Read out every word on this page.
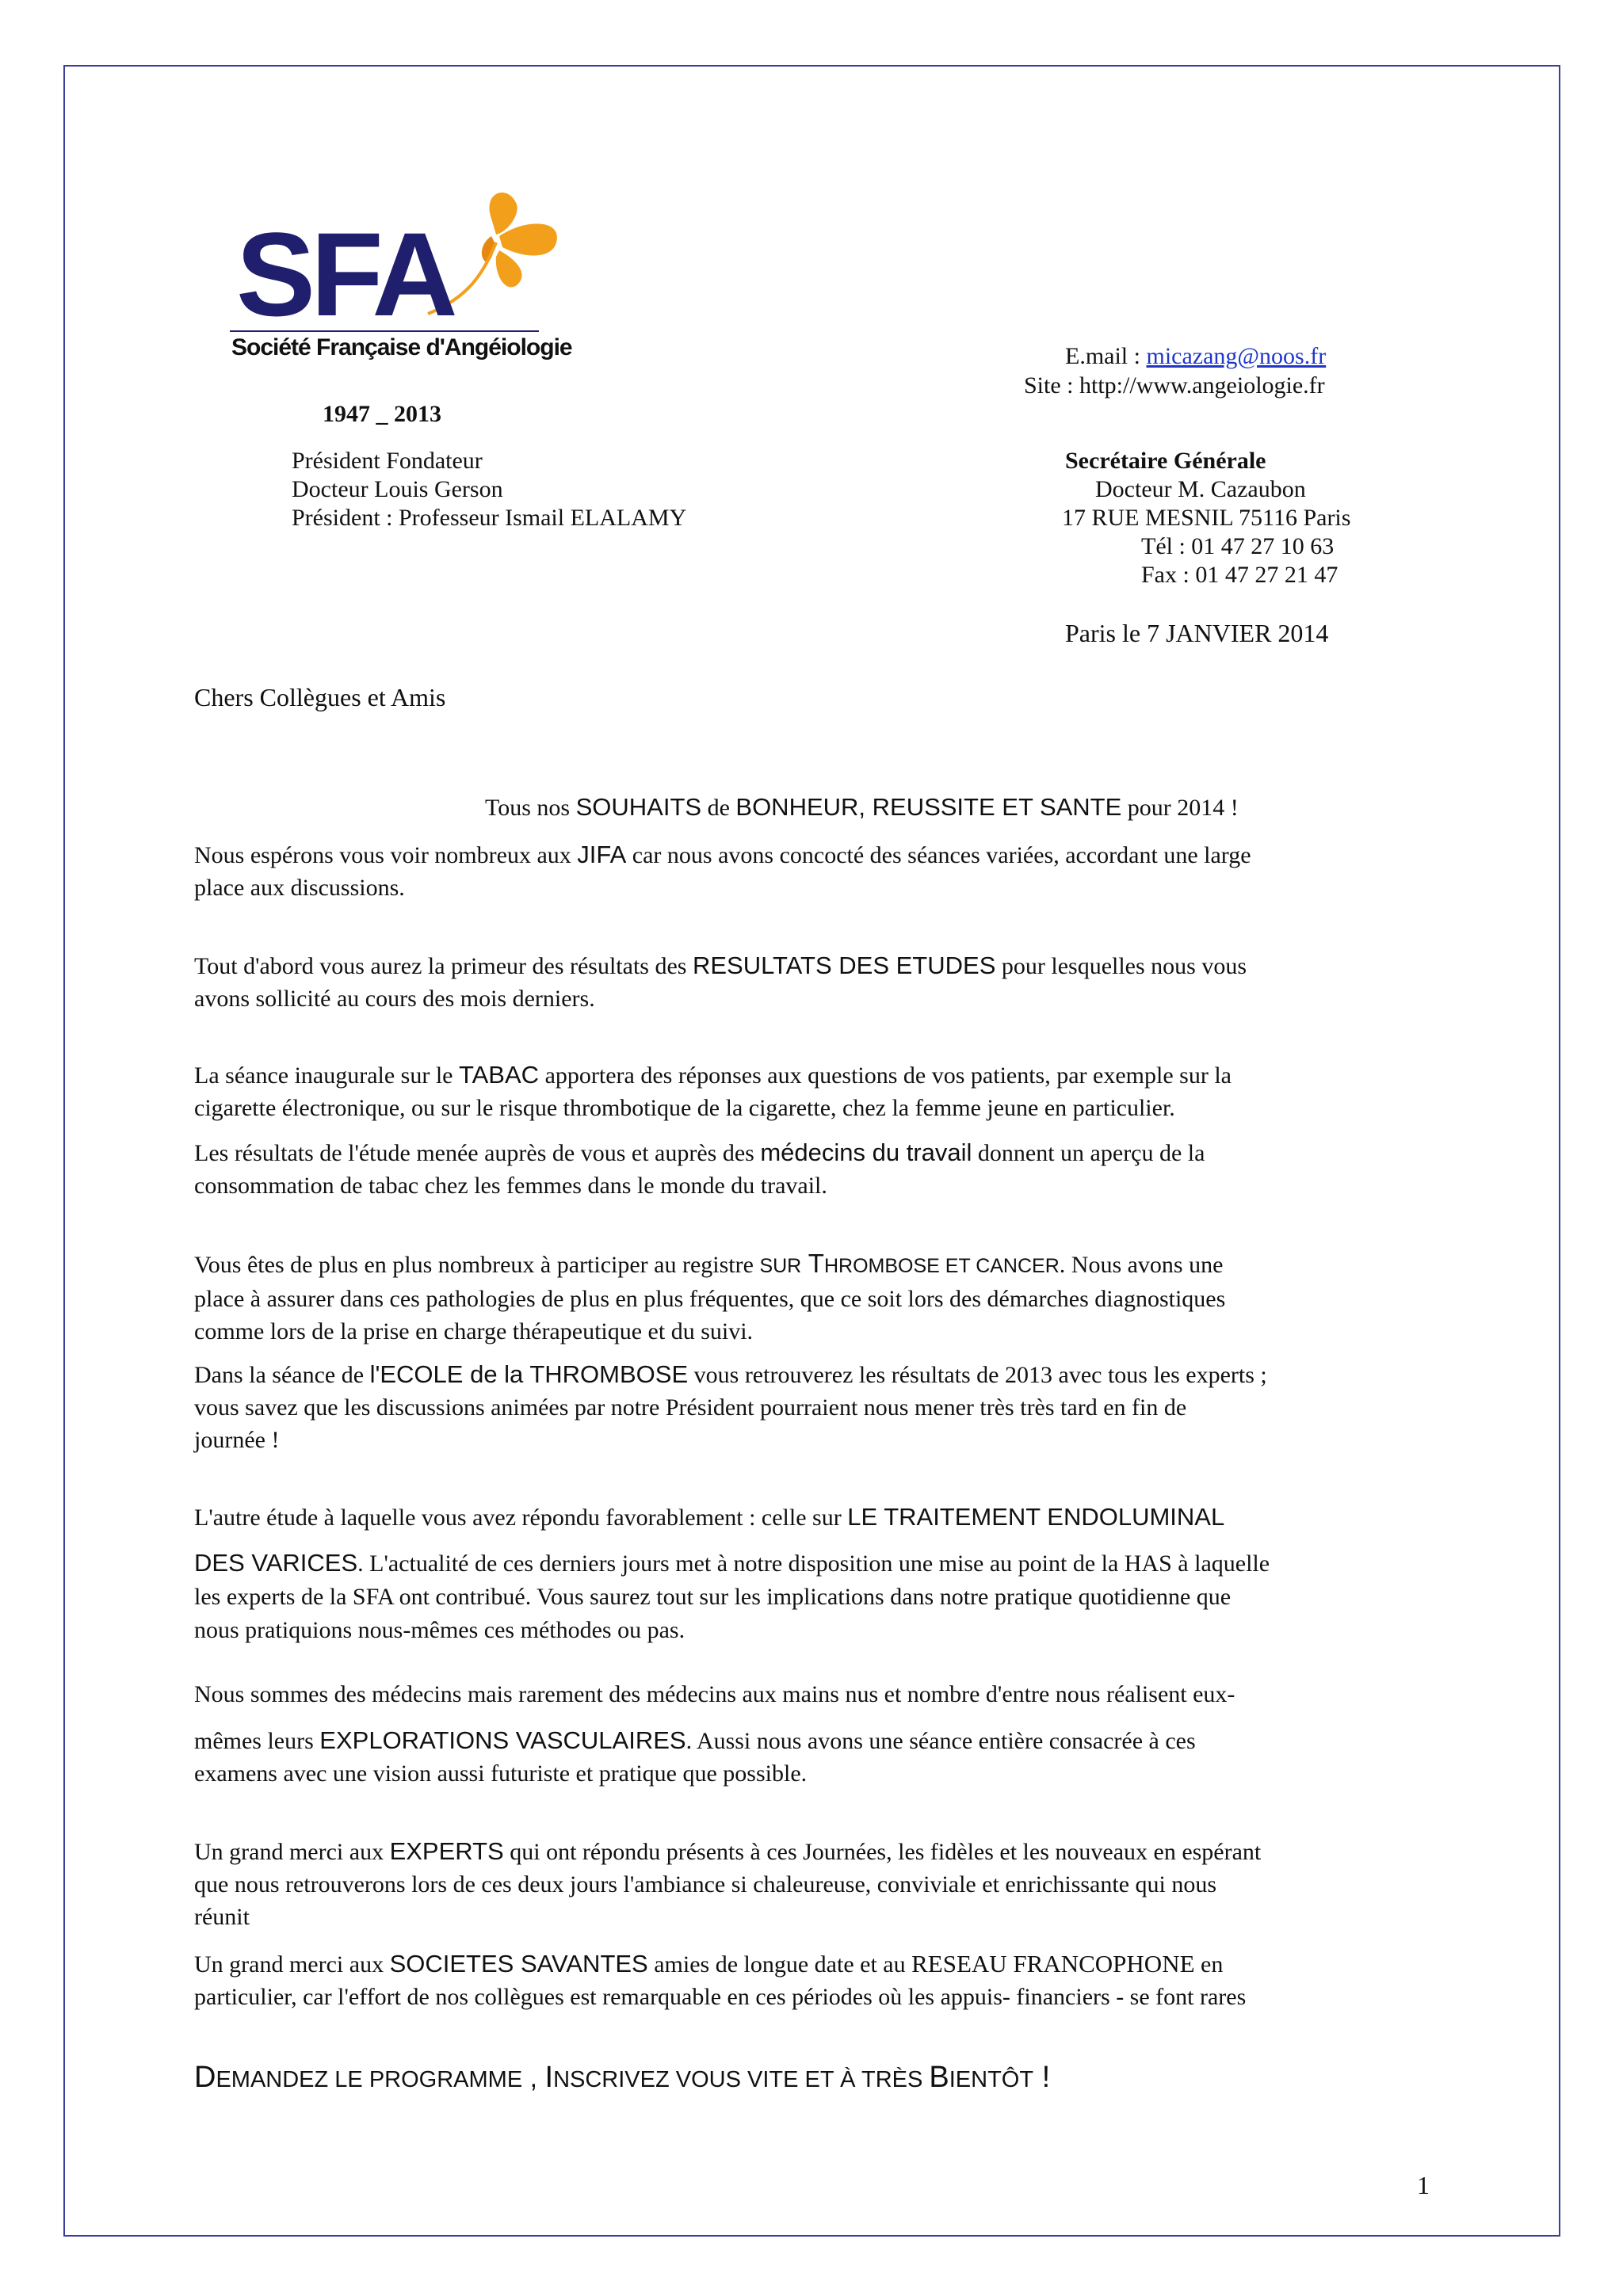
SFA
Société Française d'Angéiologie
1947 _ 2013
Président Fondateur
Docteur Louis Gerson
Président : Professeur Ismail ELALAMY
E.mail : micazang@noos.fr
Site : http://www.angeiologie.fr
Secrétaire Générale
Docteur M. Cazaubon
17 RUE MESNIL 75116 Paris
Tél : 01 47 27 10 63
Fax : 01 47 27 21 47
Paris le 7 JANVIER 2014
Chers Collègues et Amis
Tous nos SOUHAITS de BONHEUR, REUSSITE ET SANTE pour 2014 !
Nous espérons vous voir nombreux aux JIFA car nous avons concocté des séances variées, accordant une large
place aux discussions.
Tout d'abord vous aurez la primeur des résultats des RESULTATS DES ETUDES pour lesquelles nous vous
avons sollicité au cours des mois derniers.
La séance inaugurale sur le TABAC apportera des réponses aux questions de vos patients, par exemple sur la
cigarette électronique, ou sur le risque thrombotique de la cigarette, chez la femme jeune en particulier.
Les résultats de l'étude menée auprès de vous et auprès des médecins du travail donnent un aperçu de la
consommation de tabac chez les femmes dans le monde du travail.
Vous êtes de plus en plus nombreux à participer au registre SUR THROMBOSE ET CANCER. Nous avons une
place à assurer dans ces pathologies de plus en plus fréquentes, que ce soit lors des démarches diagnostiques
comme lors de la prise en charge thérapeutique et du suivi.
Dans la séance de l'ECOLE de la THROMBOSE vous retrouverez les résultats de 2013 avec tous les experts ;
vous savez que les discussions animées par notre Président pourraient nous mener très très tard en fin de
journée !
L'autre étude à laquelle vous avez répondu favorablement : celle sur LE TRAITEMENT ENDOLUMINAL
DES VARICES. L'actualité de ces derniers jours met à notre disposition une mise au point de la HAS à laquelle
les experts de la SFA ont contribué. Vous saurez tout sur les implications dans notre pratique quotidienne que
nous pratiquions nous-mêmes ces méthodes ou pas.
Nous sommes des médecins mais rarement des médecins aux mains nus et nombre d'entre nous réalisent eux-
mêmes leurs EXPLORATIONS VASCULAIRES. Aussi nous avons une séance entière consacrée à ces
examens avec une vision aussi futuriste et pratique que possible.
Un grand merci aux EXPERTS qui ont répondu présents à ces Journées, les fidèles et les nouveaux en espérant
que nous retrouverons lors de ces deux jours l'ambiance si chaleureuse, conviviale et enrichissante qui nous
réunit
Un grand merci aux SOCIETES SAVANTES amies de longue date et au RESEAU FRANCOPHONE en
particulier, car l'effort de nos collègues est remarquable en ces périodes où les appuis- financiers - se font rares
DEMANDEZ LE PROGRAMME , INSCRIVEZ VOUS VITE ET À TRÈS BIENTÔT !
1
